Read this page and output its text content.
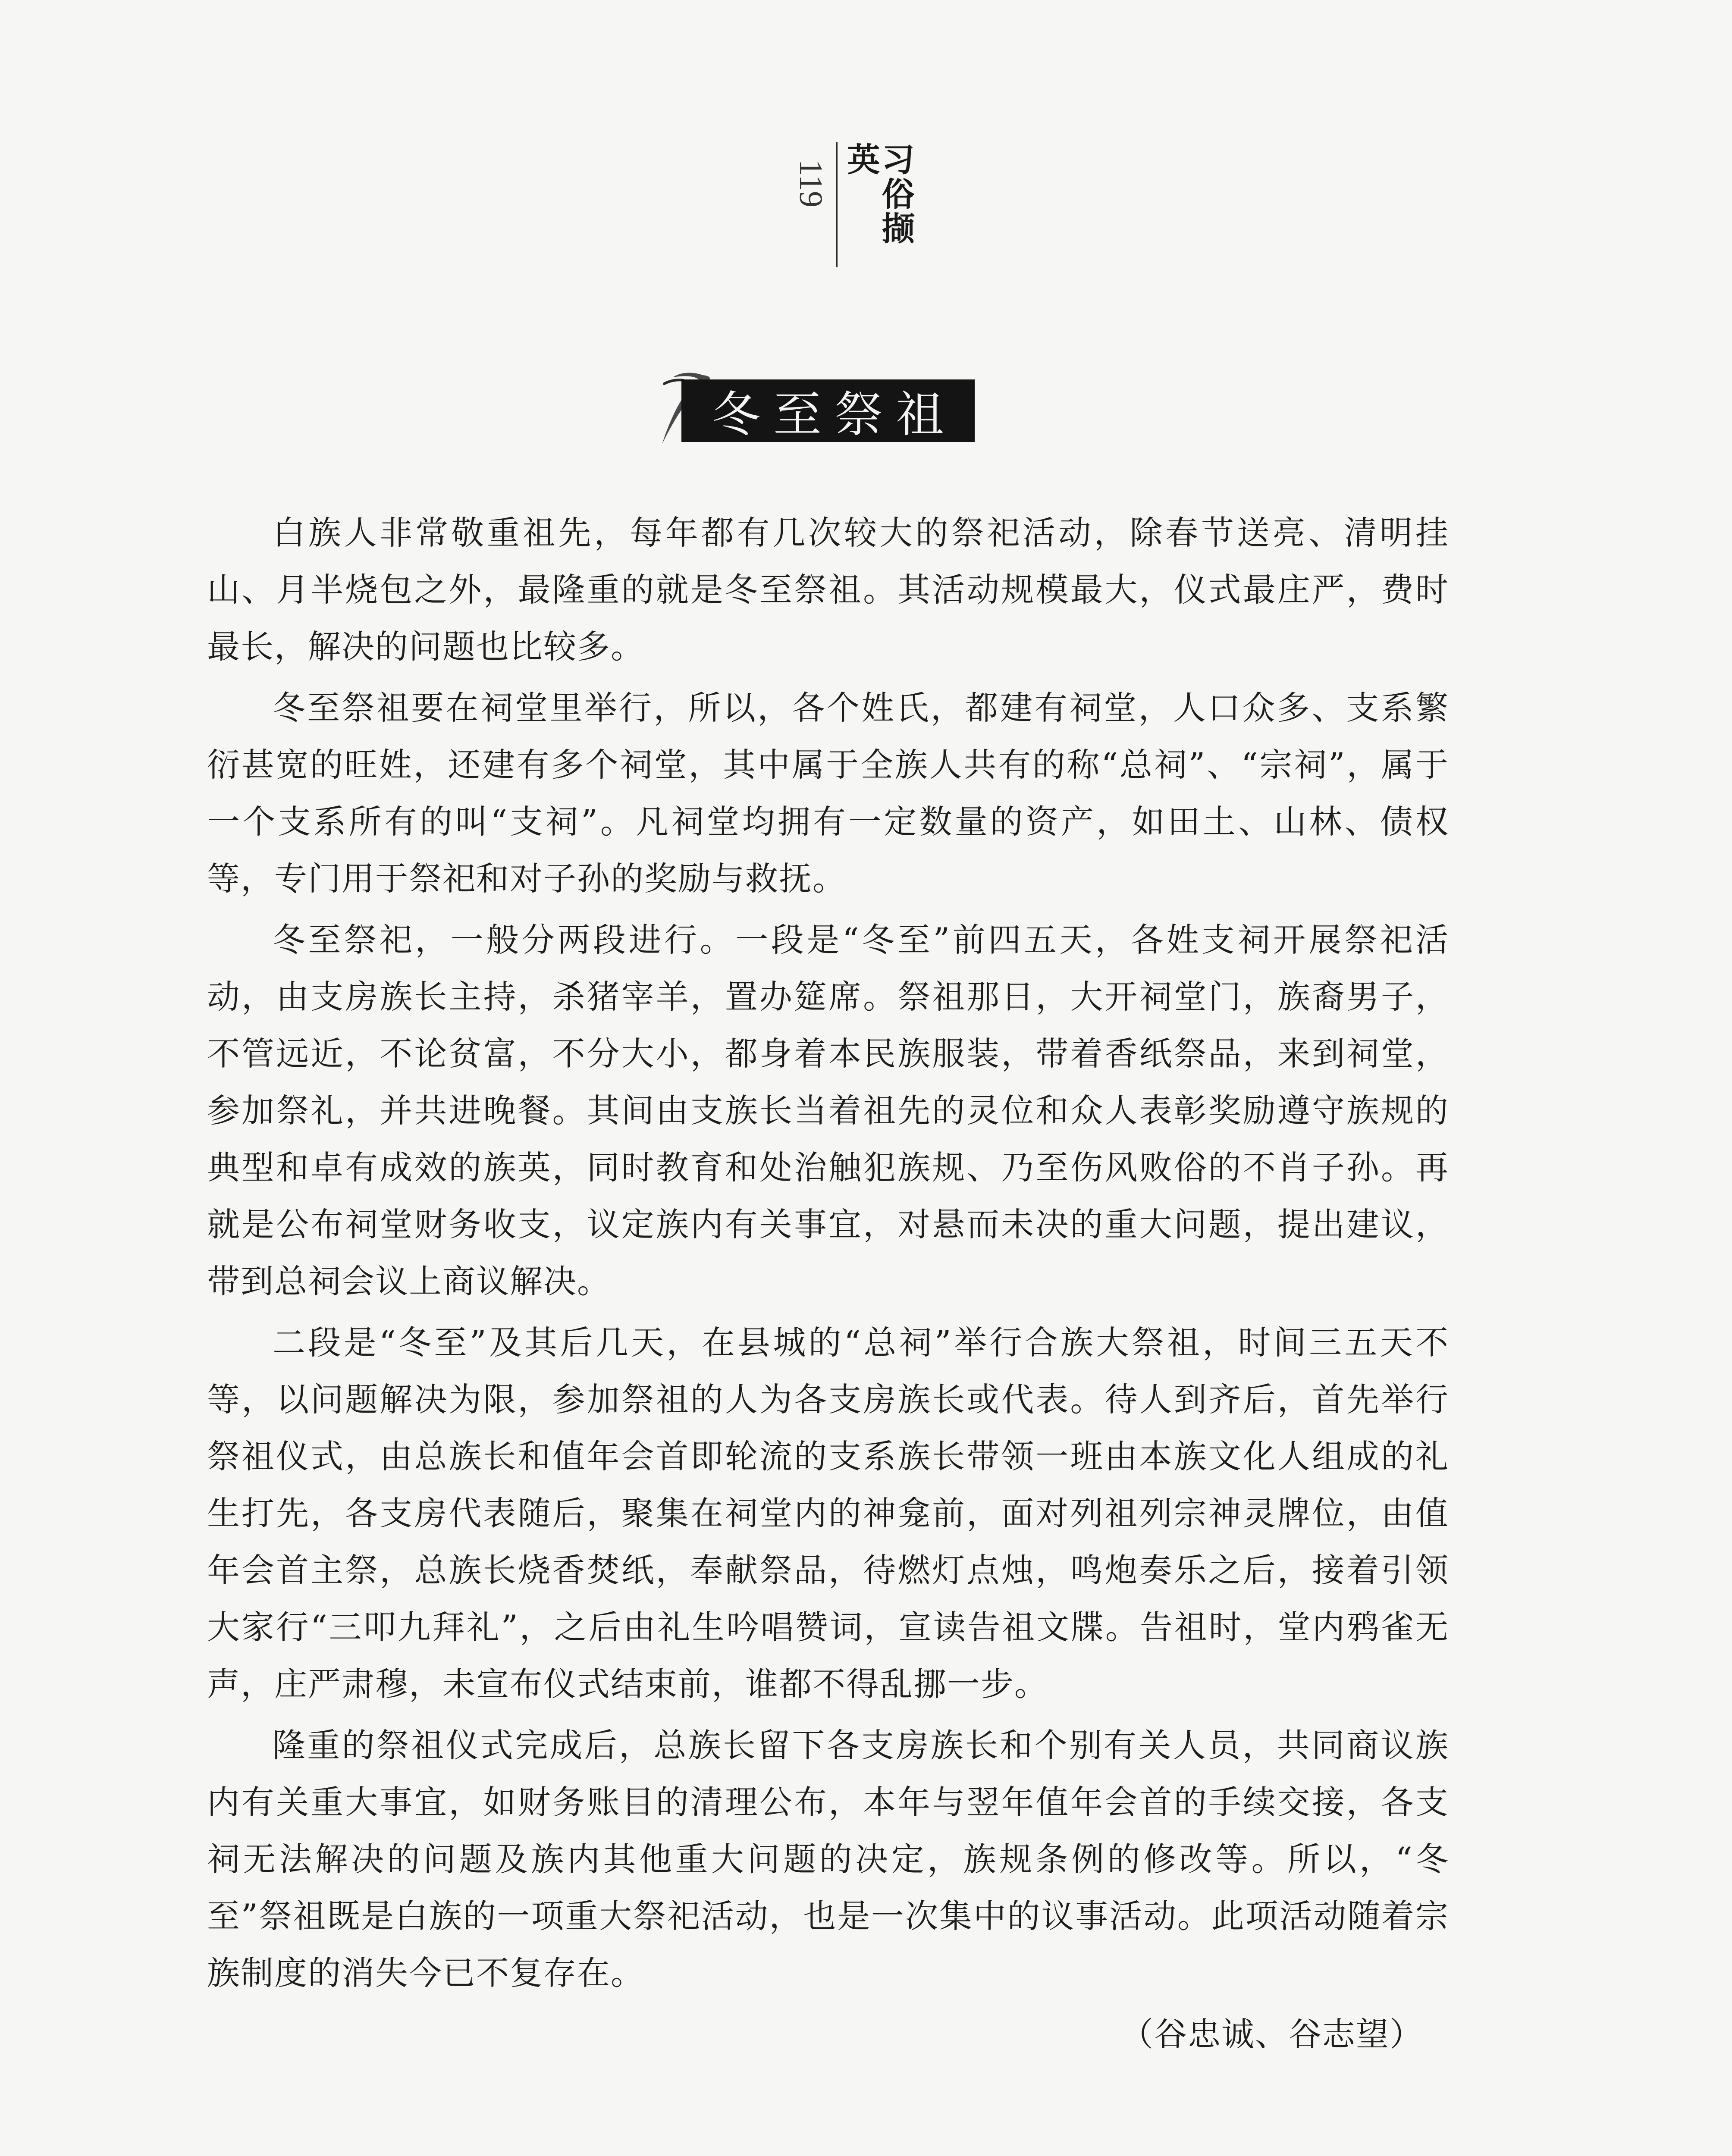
119	习俗撷英
冬至祭祖

白族人非常敬重祖先，每年都有几次较大的祭祀活动，除春节送亮、清明挂山、月半烧包之外，最隆重的就是冬至祭祖。其活动规模最大，仪式最庄严，费时最长，解决的问题也比较多。

冬至祭祖要在祠堂里举行，所以，各个姓氏，都建有祠堂，人口众多、支系繁衍甚宽的旺姓，还建有多个祠堂，其中属于全族人共有的称“总祠”、“宗祠”，属于一个支系所有的叫“支祠”。凡祠堂均拥有一定数量的资产，如田土、山林、债权等，专门用于祭祀和对子孙的奖励与救抚。

冬至祭祀，一般分两段进行。一段是“冬至”前四五天，各姓支祠开展祭祀活动，由支房族长主持，杀猪宰羊，置办筵席。祭祖那日，大开祠堂门，族裔男子，不管远近，不论贫富，不分大小，都身着本民族服装，带着香纸祭品，来到祠堂，参加祭礼，并共进晚餐。其间由支族长当着祖先的灵位和众人表彰奖励遵守族规的典型和卓有成效的族英，同时教育和处治触犯族规、乃至伤风败俗的不肖子孙。再就是公布祠堂财务收支，议定族内有关事宜，对悬而未决的重大问题，提出建议，带到总祠会议上商议解决。

二段是“冬至”及其后几天，在县城的“总祠”举行合族大祭祖，时间三五天不等，以问题解决为限，参加祭祖的人为各支房族长或代表。待人到齐后，首先举行祭祖仪式，由总族长和值年会首即轮流的支系族长带领一班由本族文化人组成的礼生打先，各支房代表随后，聚集在祠堂内的神龛前，面对列祖列宗神灵牌位，由值年会首主祭，总族长烧香焚纸，奉献祭品，待燃灯点烛，鸣炮奏乐之后，接着引领大家行“三叩九拜礼”，之后由礼生吟唱赞词，宣读告祖文牒。告祖时，堂内鸦雀无声，庄严肃穆，未宣布仪式结束前，谁都不得乱挪一步。

隆重的祭祖仪式完成后，总族长留下各支房族长和个别有关人员，共同商议族内有关重大事宜，如财务账目的清理公布，本年与翌年值年会首的手续交接，各支祠无法解决的问题及族内其他重大问题的决定，族规条例的修改等。所以，“冬至”祭祖既是白族的一项重大祭祀活动，也是一次集中的议事活动。此项活动随着宗族制度的消失今已不复存在。

（谷忠诚、谷志望）
